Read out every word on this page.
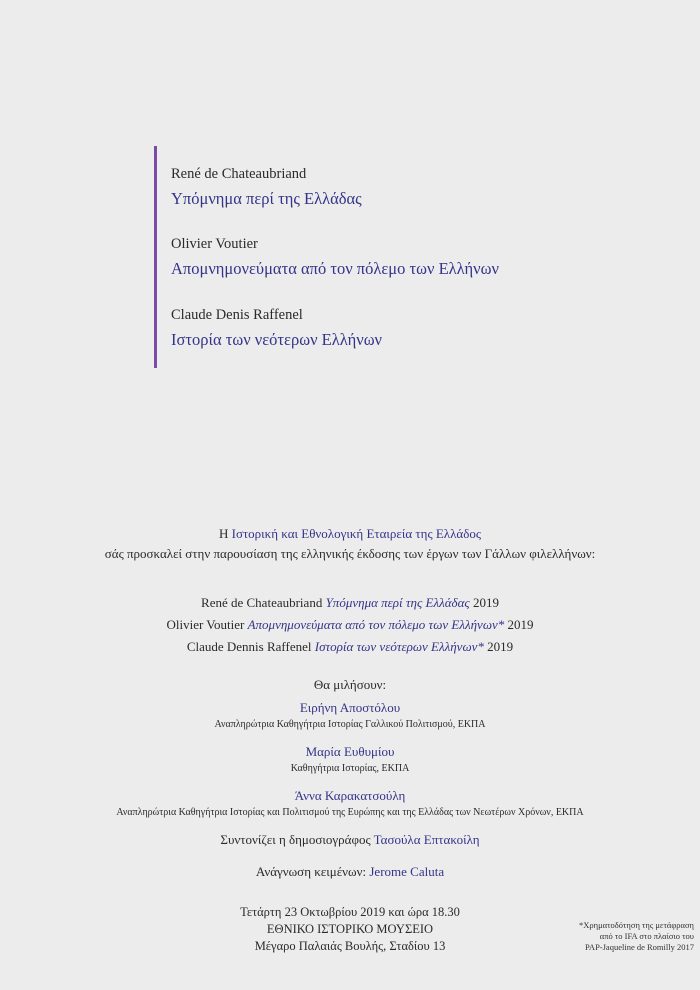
René de Chateaubriand
Υπόμνημα περί της Ελλάδας
Olivier Voutier
Απομνημονεύματα από τον πόλεμο των Ελλήνων
Claude Denis Raffenel
Ιστορία των νεότερων Ελλήνων
Η Ιστορική και Εθνολογική Εταιρεία της Ελλάδος
σάς προσκαλεί στην παρουσίαση της ελληνικής έκδοσης των έργων των Γάλλων φιλελλήνων:
René de Chateaubriand Υπόμνημα περί της Ελλάδας 2019
Olivier Voutier Απομνημονεύματα από τον πόλεμο των Ελλήνων* 2019
Claude Dennis Raffenel Ιστορία των νεότερων Ελλήνων* 2019
Θα μιλήσουν:
Ειρήνη Αποστόλου
Αναπληρώτρια Καθηγήτρια Ιστορίας Γαλλικού Πολιτισμού, ΕΚΠΑ
Μαρία Ευθυμίου
Καθηγήτρια Ιστορίας, ΕΚΠΑ
Άννα Καρακατσούλη
Αναπληρώτρια Καθηγήτρια Ιστορίας και Πολιτισμού της Ευρώπης και της Ελλάδας των Νεωτέρων Χρόνων, ΕΚΠΑ
Συντονίζει η δημοσιογράφος Τασούλα Επτακοίλη
Ανάγνωση κειμένων: Jerome Caluta
Τετάρτη 23 Οκτωβρίου 2019 και ώρα 18.30
ΕΘΝΙΚΟ ΙΣΤΟΡΙΚΟ ΜΟΥΣΕΙΟ
Μέγαρο Παλαιάς Βουλής, Σταδίου 13
*Χρηματοδότηση της μετάφραση
από το IFA στο πλαίσιο του
PAP-Jaqueline de Romilly 2017
